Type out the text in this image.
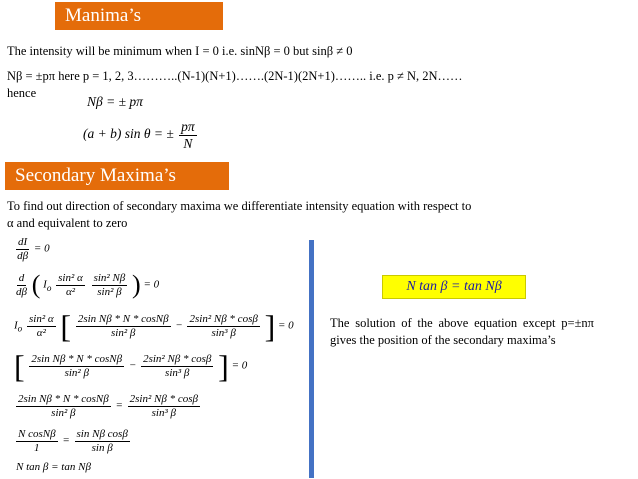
Manima’s
The intensity will be minimum when I = 0 i.e. sinNβ = 0 but sinβ ≠ 0
Nβ = ±pπ here p = 1, 2, 3………..(N-1)(N+1)…….(2N-1)(2N+1)…….. i.e. p ≠ N, 2N……
hence
Nβ = ± pπ
(a + b) sin θ = ± $\frac{p\pi}{N}$
Secondary Maxima’s
To find out direction of secondary maxima we differentiate intensity equation with respect to
α and equivalent to zero
$\frac{dI}{d\beta} = 0$
$\frac{d}{d\beta}$ ( $I_o \frac{\text{sin² α}}{\text{α²}}$
$\frac{\text{sin² Nβ}}{\text{sin² β}}$ ) = 0
$I_o \frac{\text{sin² α}}{\text{α²}}$ [ $\frac{\text{2sin Nβ * N * cosNβ}}{\text{sin² β}} - \frac{\text{2sin² Nβ * cosβ}}{\text{sin³ β}}$ ] = 0
[ $\frac{\text{2sin Nβ * N * cosNβ}}{\text{sin² β}} - \frac{\text{2sin² Nβ * cosβ}}{\text{sin³ β}}$ ] = 0
$\frac{\text{2sin Nβ * N * cosNβ}}{\text{sin² β}} = \frac{\text{2sin² Nβ * cosβ}}{\text{sin³ β}}$
$\frac{\text{N cosNβ}}{1} = \frac{\text{sin Nβ cosβ}}{\text{sin β}}$
N tan β = tan Nβ
N tan β = tan Nβ
The solution of the above equation except p=±nπ gives the position of the secondary maxima’s
